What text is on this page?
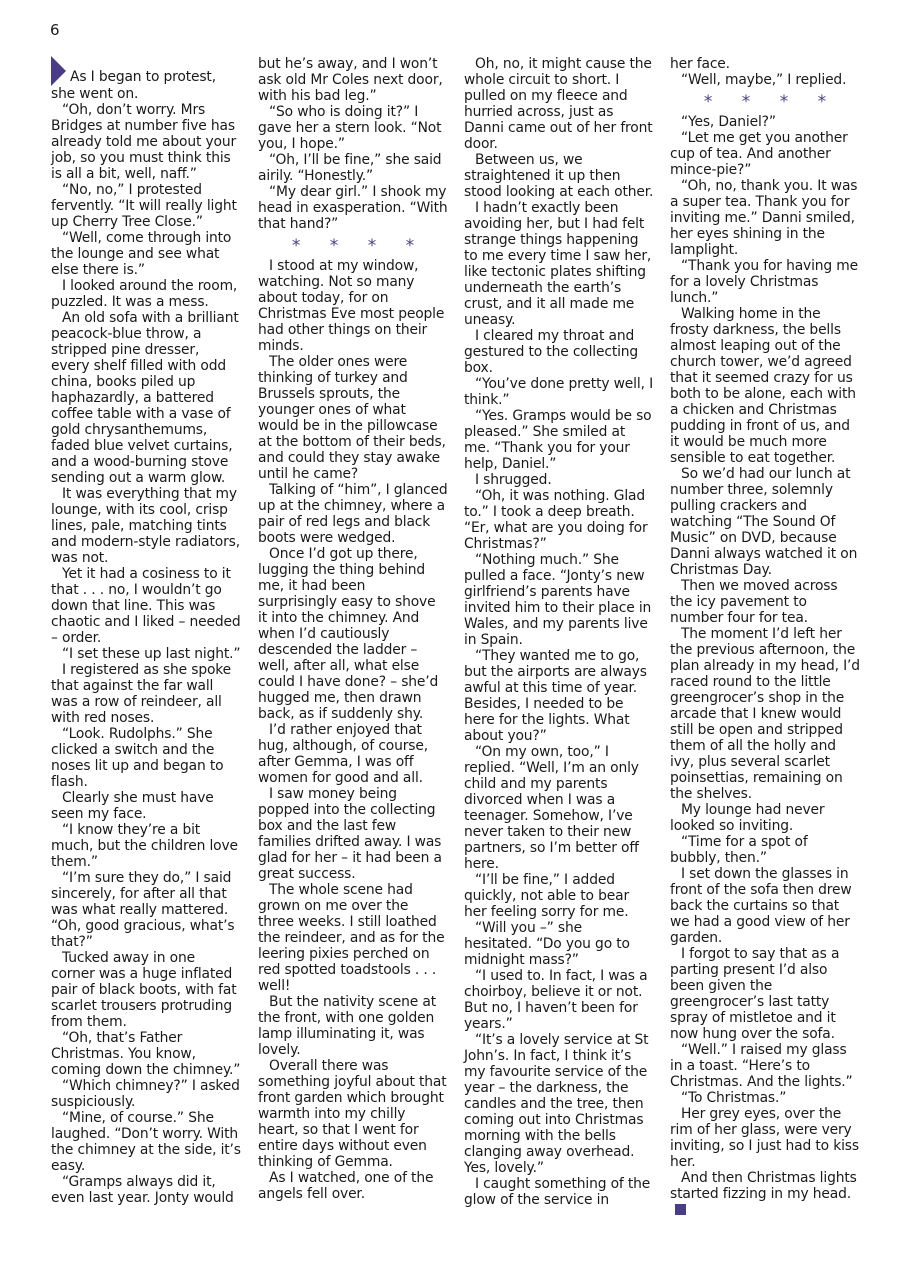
6

As I began to protest, she went on.

“Oh, don’t worry. Mrs Bridges at number five has already told me about your job, so you must think this is all a bit, well, naff.”

“No, no,” I protested fervently. “It will really light up Cherry Tree Close.”

“Well, come through into the lounge and see what else there is.”

I looked around the room, puzzled. It was a mess.

An old sofa with a brilliant peacock-blue throw, a stripped pine dresser, every shelf filled with odd china, books piled up haphazardly, a battered coffee table with a vase of gold chrysanthemums, faded blue velvet curtains, and a wood-burning stove sending out a warm glow.

It was everything that my lounge, with its cool, crisp lines, pale, matching tints and modern-style radiators, was not.

Yet it had a cosiness to it that . . . no, I wouldn’t go down that line. This was chaotic and I liked – needed – order.

“I set these up last night.”

I registered as she spoke that against the far wall was a row of reindeer, all with red noses.

“Look. Rudolphs.” She clicked a switch and the noses lit up and began to flash.

Clearly she must have seen my face.

“I know they’re a bit much, but the children love them.”

“I’m sure they do,” I said sincerely, for after all that was what really mattered. “Oh, good gracious, what’s that?”

Tucked away in one corner was a huge inflated pair of black boots, with fat scarlet trousers protruding from them.

“Oh, that’s Father Christmas. You know, coming down the chimney.”

“Which chimney?” I asked suspiciously.

“Mine, of course.” She laughed. “Don’t worry. With the chimney at the side, it’s easy.

“Gramps always did it, even last year. Jonty would

but he’s away, and I won’t ask old Mr Coles next door, with his bad leg.”

“So who is doing it?” I gave her a stern look. “Not you, I hope.”

“Oh, I’ll be fine,” she said airily. “Honestly.”

“My dear girl.” I shook my head in exasperation. “With that hand?”

* * * *

I stood at my window, watching. Not so many about today, for on Christmas Eve most people had other things on their minds.

The older ones were thinking of turkey and Brussels sprouts, the younger ones of what would be in the pillowcase at the bottom of their beds, and could they stay awake until he came?

Talking of “him”, I glanced up at the chimney, where a pair of red legs and black boots were wedged.

Once I’d got up there, lugging the thing behind me, it had been surprisingly easy to shove it into the chimney. And when I’d cautiously descended the ladder – well, after all, what else could I have done? – she’d hugged me, then drawn back, as if suddenly shy.

I’d rather enjoyed that hug, although, of course, after Gemma, I was off women for good and all.

I saw money being popped into the collecting box and the last few families drifted away. I was glad for her – it had been a great success.

The whole scene had grown on me over the three weeks. I still loathed the reindeer, and as for the leering pixies perched on red spotted toadstools . . . well!

But the nativity scene at the front, with one golden lamp illuminating it, was lovely.

Overall there was something joyful about that front garden which brought warmth into my chilly heart, so that I went for entire days without even thinking of Gemma.

As I watched, one of the angels fell over.

Oh, no, it might cause the whole circuit to short. I pulled on my fleece and hurried across, just as Danni came out of her front door.

Between us, we straightened it up then stood looking at each other.

I hadn’t exactly been avoiding her, but I had felt strange things happening to me every time I saw her, like tectonic plates shifting underneath the earth’s crust, and it all made me uneasy.

I cleared my throat and gestured to the collecting box.

“You’ve done pretty well, I think.”

“Yes. Gramps would be so pleased.” She smiled at me. “Thank you for your help, Daniel.”

I shrugged.

“Oh, it was nothing. Glad to.” I took a deep breath. “Er, what are you doing for Christmas?”

“Nothing much.” She pulled a face. “Jonty’s new girlfriend’s parents have invited him to their place in Wales, and my parents live in Spain.

“They wanted me to go, but the airports are always awful at this time of year. Besides, I needed to be here for the lights. What about you?”

“On my own, too,” I replied. “Well, I’m an only child and my parents divorced when I was a teenager. Somehow, I’ve never taken to their new partners, so I’m better off here.

“I’ll be fine,” I added quickly, not able to bear her feeling sorry for me.

“Will you –” she hesitated. “Do you go to midnight mass?”

“I used to. In fact, I was a choirboy, believe it or not. But no, I haven’t been for years.”

“It’s a lovely service at St John’s. In fact, I think it’s my favourite service of the year – the darkness, the candles and the tree, then coming out into Christmas morning with the bells clanging away overhead. Yes, lovely.”

I caught something of the glow of the service in

her face.

“Well, maybe,” I replied.

* * * *

“Yes, Daniel?”

“Let me get you another cup of tea. And another mince-pie?”

“Oh, no, thank you. It was a super tea. Thank you for inviting me.” Danni smiled, her eyes shining in the lamplight.

“Thank you for having me for a lovely Christmas lunch.”

Walking home in the frosty darkness, the bells almost leaping out of the church tower, we’d agreed that it seemed crazy for us both to be alone, each with a chicken and Christmas pudding in front of us, and it would be much more sensible to eat together.

So we’d had our lunch at number three, solemnly pulling crackers and watching “The Sound Of Music” on DVD, because Danni always watched it on Christmas Day.

Then we moved across the icy pavement to number four for tea.

The moment I’d left her the previous afternoon, the plan already in my head, I’d raced round to the little greengrocer’s shop in the arcade that I knew would still be open and stripped them of all the holly and ivy, plus several scarlet poinsettias, remaining on the shelves.

My lounge had never looked so inviting.

“Time for a spot of bubbly, then.”

I set down the glasses in front of the sofa then drew back the curtains so that we had a good view of her garden.

I forgot to say that as a parting present I’d also been given the greengrocer’s last tatty spray of mistletoe and it now hung over the sofa.

“Well.” I raised my glass in a toast. “Here’s to Christmas. And the lights.”

“To Christmas.”

Her grey eyes, over the rim of her glass, were very inviting, so I just had to kiss her.

And then Christmas lights started fizzing in my head.
